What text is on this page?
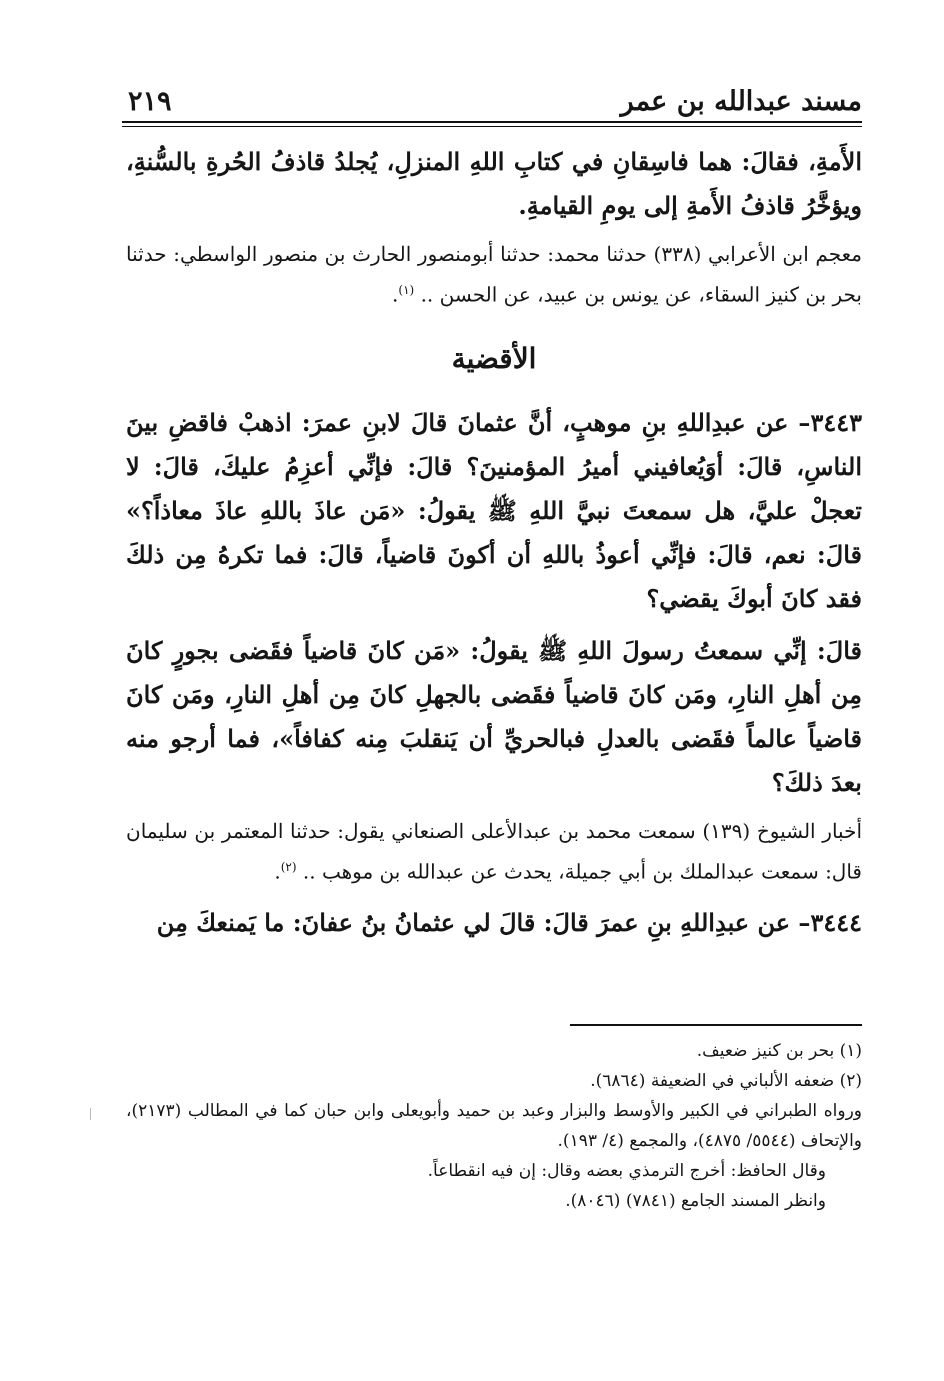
مسند عبدالله بن عمر
٢١٩

الأَمةِ، فقالَ: هما فاسِقانِ في كتابِ اللهِ المنزلِ، يُجلدُ قاذفُ الحُرةِ بالسُّنةِ، ويؤخَّرُ قاذفُ الأَمةِ إلى يومِ القيامةِ.

معجم ابن الأعرابي (٣٣٨) حدثنا محمد: حدثنا أبومنصور الحارث بن منصور الواسطي: حدثنا بحر بن كنيز السقاء، عن يونس بن عبيد، عن الحسن .. $^{(١)}$.

الأقضية

٣٤٤٣– عن عبدِاللهِ بنِ موهبٍ، أنَّ عثمانَ قالَ لابنِ عمرَ: اذهبْ فاقضِ بينَ الناسِ، قالَ: أوَيُعافيني أميرُ المؤمنينَ؟ قالَ: فإنِّي أعزِمُ عليكَ، قالَ: لا تعجلْ عليَّ، هل سمعتَ نبيَّ اللهِ ﷺ يقولُ: «مَن عاذَ باللهِ عاذَ معاذاً؟» قالَ: نعم، قالَ: فإنِّي أعوذُ باللهِ أن أكونَ قاضياً، قالَ: فما تكرهُ مِن ذلكَ فقد كانَ أبوكَ يقضي؟

قالَ: إنِّي سمعتُ رسولَ اللهِ ﷺ يقولُ: «مَن كانَ قاضياً فقَضى بجورٍ كانَ مِن أهلِ النارِ، ومَن كانَ قاضياً فقَضى بالجهلِ كانَ مِن أهلِ النارِ، ومَن كانَ قاضياً عالماً فقَضى بالعدلِ فبالحريِّ أن يَنقلبَ مِنه كفافاً»، فما أرجو منه بعدَ ذلكَ؟

أخبار الشيوخ (١٣٩) سمعت محمد بن عبدالأعلى الصنعاني يقول: حدثنا المعتمر بن سليمان قال: سمعت عبدالملك بن أبي جميلة، يحدث عن عبدالله بن موهب .. $^{(٢)}$.

٣٤٤٤– عن عبدِاللهِ بنِ عمرَ قالَ: قالَ لي عثمانُ بنُ عفانَ: ما يَمنعكَ مِن

(١) بحر بن كنيز ضعيف.

(٢) ضعفه الألباني في الضعيفة (٦٨٦٤).

ورواه الطبراني في الكبير والأوسط والبزار وعبد بن حميد وأبويعلى وابن حبان كما في المطالب (٢١٧٣)، والإتحاف (٥٥٤٤/ ٤٨٧٥)، والمجمع (٤/ ١٩٣).

وقال الحافظ: أخرج الترمذي بعضه وقال: إن فيه انقطاعاً.

وانظر المسند الجامع (٧٨٤١) (٨٠٤٦).
